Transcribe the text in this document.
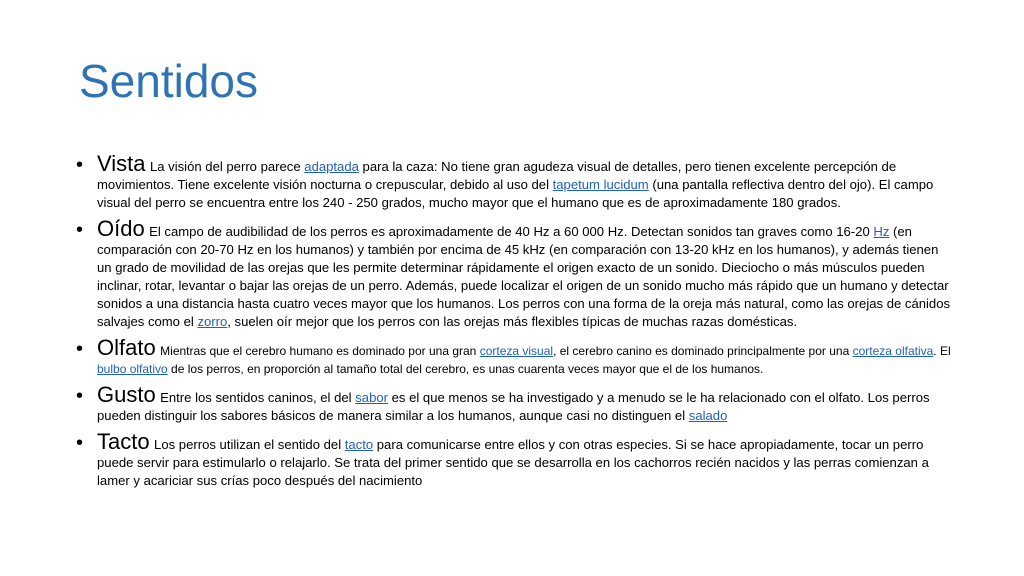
Sentidos
• Vista La visión del perro parece adaptada para la caza: No tiene gran agudeza visual de detalles, pero tienen excelente percepción de movimientos. Tiene excelente visión nocturna o crepuscular, debido al uso del tapetum lucidum (una pantalla reflectiva dentro del ojo). El campo visual del perro se encuentra entre los 240 - 250 grados, mucho mayor que el humano que es de aproximadamente 180 grados.
• Oído El campo de audibilidad de los perros es aproximadamente de 40 Hz a 60 000 Hz. Detectan sonidos tan graves como 16-20 Hz (en comparación con 20-70 Hz en los humanos) y también por encima de 45 kHz (en comparación con 13-20 kHz en los humanos), y además tienen un grado de movilidad de las orejas que les permite determinar rápidamente el origen exacto de un sonido. Dieciocho o más músculos pueden inclinar, rotar, levantar o bajar las orejas de un perro. Además, puede localizar el origen de un sonido mucho más rápido que un humano y detectar sonidos a una distancia hasta cuatro veces mayor que los humanos. Los perros con una forma de la oreja más natural, como las orejas de cánidos salvajes como el zorro, suelen oír mejor que los perros con las orejas más flexibles típicas de muchas razas domésticas.
• Olfato Mientras que el cerebro humano es dominado por una gran corteza visual, el cerebro canino es dominado principalmente por una corteza olfativa. El bulbo olfativo de los perros, en proporción al tamaño total del cerebro, es unas cuarenta veces mayor que el de los humanos.
• Gusto Entre los sentidos caninos, el del sabor es el que menos se ha investigado y a menudo se le ha relacionado con el olfato. Los perros pueden distinguir los sabores básicos de manera similar a los humanos, aunque casi no distinguen el salado
• Tacto Los perros utilizan el sentido del tacto para comunicarse entre ellos y con otras especies. Si se hace apropiadamente, tocar un perro puede servir para estimularlo o relajarlo. Se trata del primer sentido que se desarrolla en los cachorros recién nacidos y las perras comienzan a lamer y acariciar sus crías poco después del nacimiento
